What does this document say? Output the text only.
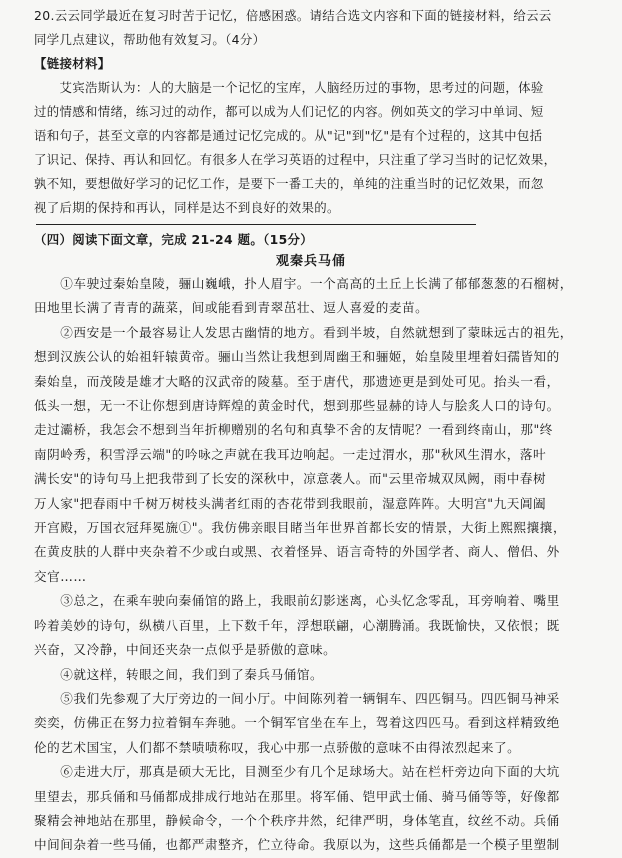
20.云云同学最近在复习时苦于记忆，倍感困惑。请结合选文内容和下面的链接材料，给云云
同学几点建议，帮助他有效复习。（4分）
【链接材料】
　　艾宾浩斯认为：人的大脑是一个记忆的宝库，人脑经历过的事物，思考过的问题，体验
过的情感和情绪，练习过的动作，都可以成为人们记忆的内容。例如英文的学习中单词、短
语和句子，甚至文章的内容都是通过记忆完成的。从"记"到"忆"是有个过程的，这其中包括
了识记、保持、再认和回忆。有很多人在学习英语的过程中，只注重了学习当时的记忆效果，
孰不知，要想做好学习的记忆工作，是要下一番工夫的，单纯的注重当时的记忆效果，而忽
视了后期的保持和再认，同样是达不到良好的效果的。
（四）阅读下面文章，完成 21-24 题。（15分）
观秦兵马俑
　　①车驶过秦始皇陵，骊山巍峨，扑人眉宇。一个高高的土丘上长满了郁郁葱葱的石榴树，
田地里长满了青青的蔬菜，间或能看到青翠茁壮、逗人喜爱的麦苗。
　　②西安是一个最容易让人发思古幽情的地方。看到半坡，自然就想到了蒙昧远古的祖先，
想到汉族公认的始祖轩辕黄帝。骊山当然让我想到周幽王和骊姬，始皇陵里埋着妇孺皆知的
秦始皇，而茂陵是雄才大略的汉武帝的陵墓。至于唐代，那遗迹更是到处可见。抬头一看，
低头一想，无一不让你想到唐诗辉煌的黄金时代，想到那些显赫的诗人与脍炙人口的诗句。
走过灞桥，我怎会不想到当年折柳赠别的名句和真挚不舍的友情呢？一看到终南山，那"终
南阴岭秀，积雪浮云端"的吟咏之声就在我耳边响起。一走过渭水，那"秋风生渭水，落叶
满长安"的诗句马上把我带到了长安的深秋中，凉意袭人。而"云里帝城双凤阙，雨中春树
万人家"把春雨中千树万树枝头满者红雨的杏花带到我眼前，湿意阵阵。大明宫"九天阊阖
开宫殿，万国衣冠拜冕旒①"。我仿佛亲眼目睹当年世界首都长安的情景，大街上熙熙攘攘，
在黄皮肤的人群中夹杂着不少或白或黑、衣着怪异、语言奇特的外国学者、商人、僧侣、外
交官……
　　③总之，在乘车驶向秦俑馆的路上，我眼前幻影迷离，心头忆念零乱，耳旁响着、嘴里
吟着美妙的诗句，纵横八百里，上下数千年，浮想联翩，心潮腾涌。我既愉快，又依恨；既
兴奋，又冷静，中间还夹杂一点似乎是骄傲的意味。
　　④就这样，转眼之间，我们到了秦兵马俑馆。
　　⑤我们先参观了大厅旁边的一间小厅。中间陈列着一辆铜车、四匹铜马。四匹铜马神采
奕奕，仿佛正在努力拉着铜车奔驰。一个铜军官坐在车上，驾着这四匹马。看到这样精致绝
伦的艺术国宝，人们都不禁啧啧称叹，我心中那一点骄傲的意味不由得浓烈起来了。
　　⑥走进大厅，那真是硕大无比，目测至少有几个足球场大。站在栏杆旁边向下面的大坑
里望去，那兵俑和马俑都成排成行地站在那里。将军俑、铠甲武士俑、骑马俑等等，好像都
聚精会神地站在那里，静候命令，一个个秩序井然，纪律严明，身体笔直，纹丝不动。兵俑
中间间杂着一些马俑，也都严肃整齐，伫立待命。我原以为，这些兵俑都是一个模子里塑制
